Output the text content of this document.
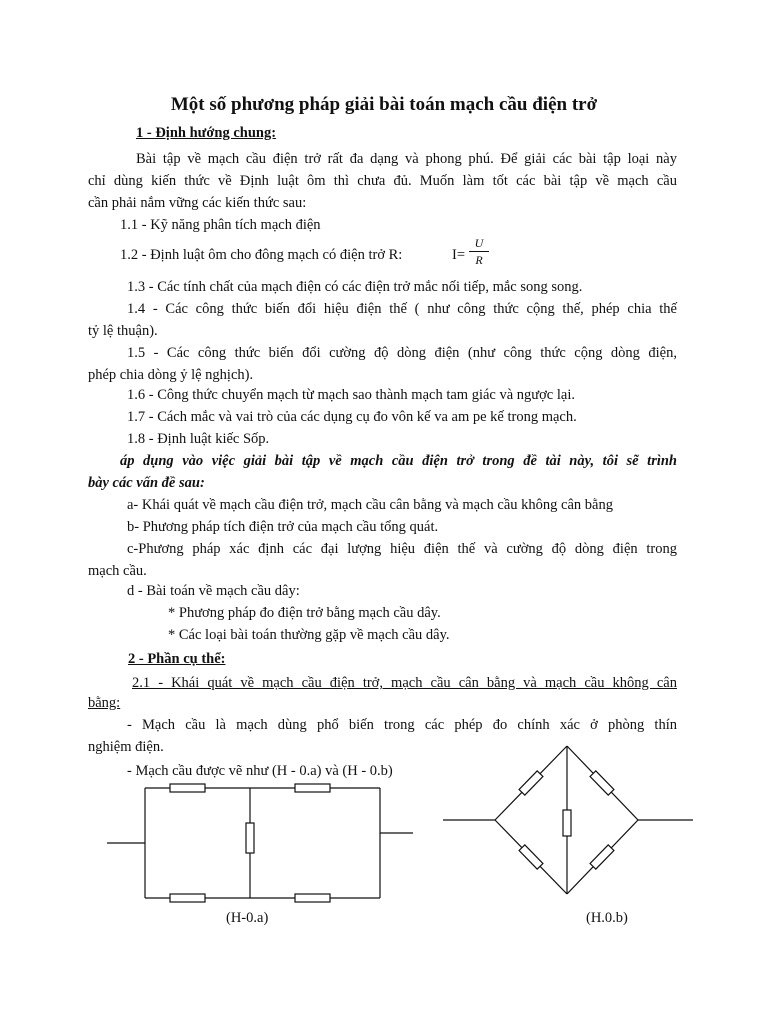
Một số phương pháp giải bài toán mạch cầu điện trở
1 - Định hướng chung:
Bài tập về mạch cầu điện trở rất đa dạng và phong phú. Để giải các bài tập loại này
chỉ dùng kiến thức về Định luật ôm thì chưa đủ. Muốn làm tốt các bài tập về mạch cầu
cần phải nắm vững các kiến thức sau:
1.1 - Kỹ năng phân tích mạch điện
1.2 - Định luật ôm cho đông mạch có điện trở R:	I=
U
R
1.3 - Các tính chất của mạch điện có các điện trở mắc nối tiếp, mắc song song.
1.4 - Các công thức biến đổi hiệu điện thế ( như công thức cộng thế, phép chia thế
tỷ lệ thuận).
1.5 - Các công thức biến đổi cường độ dòng điện (như công thức cộng dòng điện,
phép chia dòng ỷ lệ nghịch).
1.6 - Công thức chuyển mạch từ mạch sao thành mạch tam giác và ngược lại.
1.7 - Cách mắc và vai trò của các dụng cụ đo vôn kế va am pe kế trong mạch.
1.8 - Định luật kiếc Sốp.
áp dụng vào việc giải bài tập về mạch cầu điện trở trong đề tài này, tôi sẽ trình
bày các vấn đề sau:
a- Khái quát về mạch cầu điện trở, mạch cầu cân bằng và mạch cầu không cân bằng
b- Phương pháp tích điện trở của mạch cầu tổng quát.
c-Phương pháp xác định các đại lượng hiệu điện thế và cường độ dòng điện trong
mạch cầu.
d - Bài toán về mạch cầu dây:
* Phương pháp đo điện trở bằng mạch cầu dây.
* Các loại bài toán thường gặp về mạch cầu dây.
2 - Phần cụ thể:
2.1 - Khái quát về mạch cầu điện trở, mạch cầu cân bằng và mạch cầu không cân
bằng:
- Mạch cầu là mạch dùng phổ biến trong các phép đo chính xác ở phòng thín
nghiệm điện.
- Mạch cầu được vẽ như (H - 0.a) và (H - 0.b)
(H-0.a)	(H.0.b)
